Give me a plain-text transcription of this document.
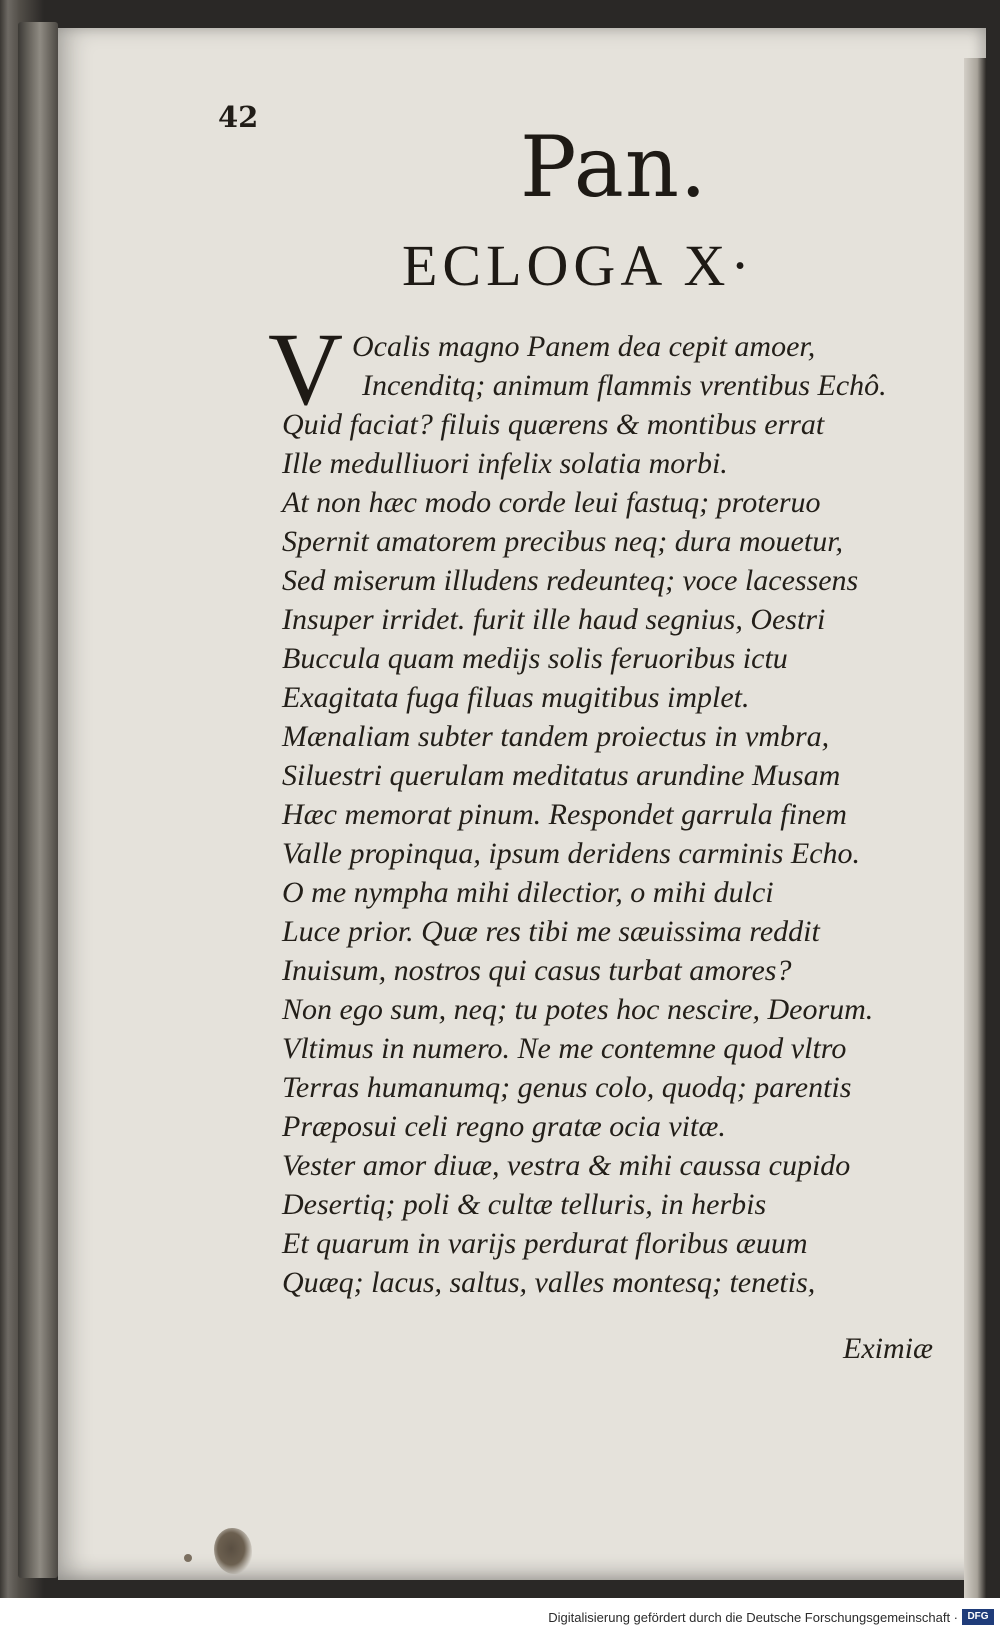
42
Pan.
ECLOGA X·
V Ocalis magno Panem dea cepit amoer,
Incenditq; animum flammis vrentibus Echô.
Quid faciat? filuis quærens & montibus errat
Ille medulliuori infelix solatia morbi.
At non hæc modo corde leui fastuq; proteruo
Spernit amatorem precibus neq; dura mouetur,
Sed miserum illudens redeunteq; voce lacessens
Insuper irridet. furit ille haud segnius, Oestri
Buccula quam medijs solis feruoribus ictu
Exagitata fuga filuas mugitibus implet.
Mænaliam subter tandem proiectus in vmbra,
Siluestri querulam meditatus arundine Musam
Hæc memorat pinum. Respondet garrula finem
Valle propinqua, ipsum deridens carminis Echo.
O me nympha mihi dilectior, o mihi dulci
Luce prior. Quæ res tibi me sæuissima reddit
Inuisum, nostros qui casus turbat amores?
Non ego sum, neq; tu potes hoc nescire, Deorum.
Vltimus in numero. Ne me contemne quod vltro
Terras humanumq; genus colo, quodq; parentis
Præposui celi regno gratæ ocia vitæ.
Vester amor diuæ, vestra & mihi caussa cupido
Desertiq; poli & cultæ telluris, in herbis
Et quarum in varijs perdurat floribus æuum
Quæq; lacus, saltus, valles montesq; tenetis,
Eximiæ
Digitalisierung gefördert durch die Deutsche Forschungsgemeinschaft · DFG
